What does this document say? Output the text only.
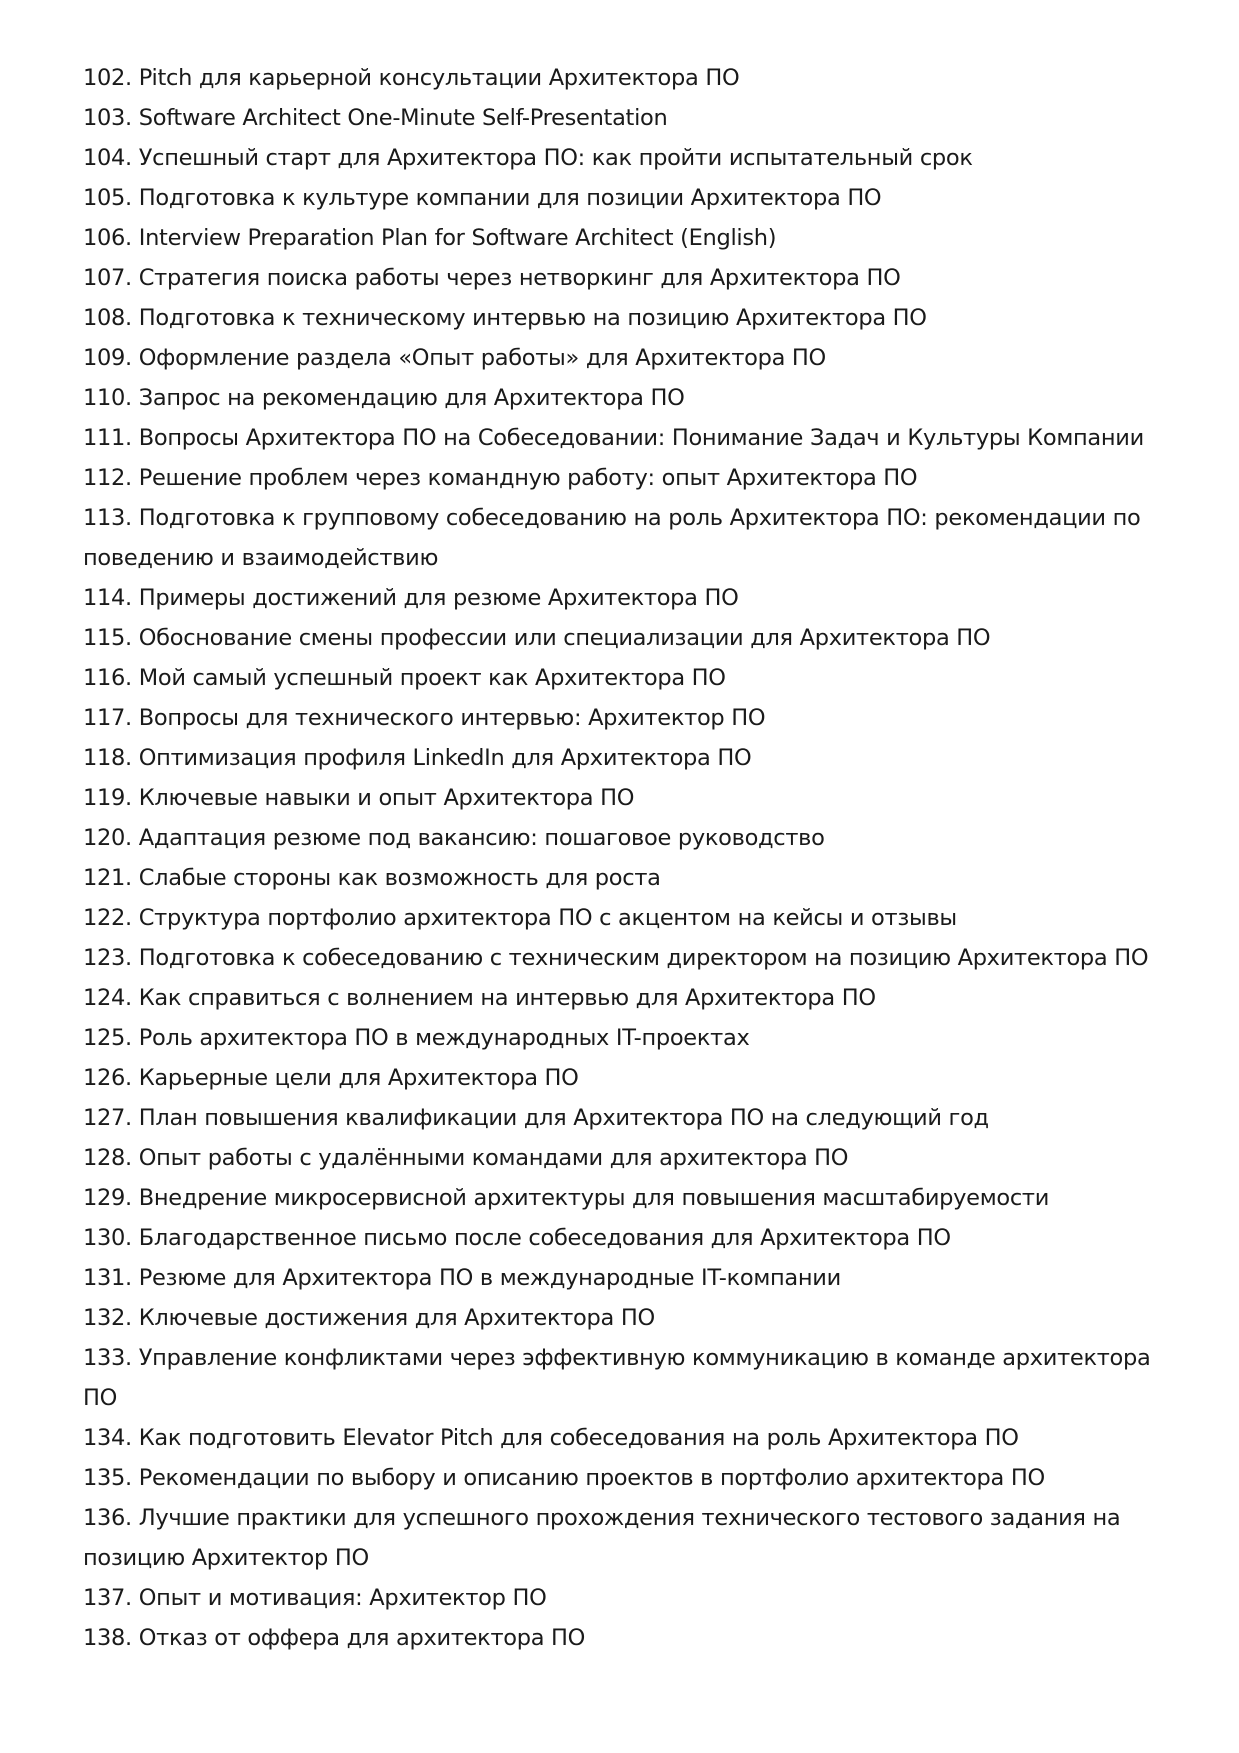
102. Pitch для карьерной консультации Архитектора ПО
103. Software Architect One-Minute Self-Presentation
104. Успешный старт для Архитектора ПО: как пройти испытательный срок
105. Подготовка к культуре компании для позиции Архитектора ПО
106. Interview Preparation Plan for Software Architect (English)
107. Стратегия поиска работы через нетворкинг для Архитектора ПО
108. Подготовка к техническому интервью на позицию Архитектора ПО
109. Оформление раздела «Опыт работы» для Архитектора ПО
110. Запрос на рекомендацию для Архитектора ПО
111. Вопросы Архитектора ПО на Собеседовании: Понимание Задач и Культуры Компании
112. Решение проблем через командную работу: опыт Архитектора ПО
113. Подготовка к групповому собеседованию на роль Архитектора ПО: рекомендации по поведению и взаимодействию
114. Примеры достижений для резюме Архитектора ПО
115. Обоснование смены профессии или специализации для Архитектора ПО
116. Мой самый успешный проект как Архитектора ПО
117. Вопросы для технического интервью: Архитектор ПО
118. Оптимизация профиля LinkedIn для Архитектора ПО
119. Ключевые навыки и опыт Архитектора ПО
120. Адаптация резюме под вакансию: пошаговое руководство
121. Слабые стороны как возможность для роста
122. Структура портфолио архитектора ПО с акцентом на кейсы и отзывы
123. Подготовка к собеседованию с техническим директором на позицию Архитектора ПО
124. Как справиться с волнением на интервью для Архитектора ПО
125. Роль архитектора ПО в международных IT-проектах
126. Карьерные цели для Архитектора ПО
127. План повышения квалификации для Архитектора ПО на следующий год
128. Опыт работы с удалёнными командами для архитектора ПО
129. Внедрение микросервисной архитектуры для повышения масштабируемости
130. Благодарственное письмо после собеседования для Архитектора ПО
131. Резюме для Архитектора ПО в международные IT-компании
132. Ключевые достижения для Архитектора ПО
133. Управление конфликтами через эффективную коммуникацию в команде архитектора ПО
134. Как подготовить Elevator Pitch для собеседования на роль Архитектора ПО
135. Рекомендации по выбору и описанию проектов в портфолио архитектора ПО
136. Лучшие практики для успешного прохождения технического тестового задания на позицию Архитектор ПО
137. Опыт и мотивация: Архитектор ПО
138. Отказ от оффера для архитектора ПО
